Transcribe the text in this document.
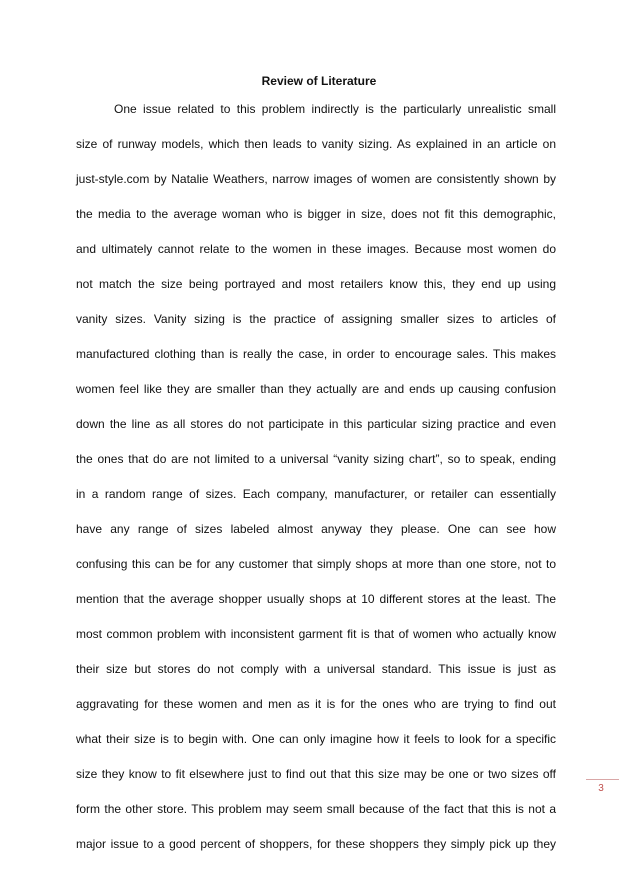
Review of Literature
One issue related to this problem indirectly is the particularly unrealistic small
size of runway models, which then leads to vanity sizing. As explained in an article on
just-style.com by Natalie Weathers, narrow images of women are consistently shown by
the media to the average woman who is bigger in size, does not fit this demographic,
and ultimately cannot relate to the women in these images. Because most women do
not match the size being portrayed and most retailers know this, they end up using
vanity sizes. Vanity sizing is the practice of assigning smaller sizes to articles of
manufactured clothing than is really the case, in order to encourage sales. This makes
women feel like they are smaller than they actually are and ends up causing confusion
down the line as all stores do not participate in this particular sizing practice and even
the ones that do are not limited to a universal “vanity sizing chart”, so to speak, ending
in a random range of sizes. Each company, manufacturer, or retailer can essentially
have any range of sizes labeled almost anyway they please. One can see how
confusing this can be for any customer that simply shops at more than one store, not to
mention that the average shopper usually shops at 10 different stores at the least. The
most common problem with inconsistent garment fit is that of women who actually know
their size but stores do not comply with a universal standard. This issue is just as
aggravating for these women and men as it is for the ones who are trying to find out
what their size is to begin with. One can only imagine how it feels to look for a specific
size they know to fit elsewhere just to find out that this size may be one or two sizes off
form the other store. This problem may seem small because of the fact that this is not a
major issue to a good percent of shoppers, for these shoppers they simply pick up they
3
